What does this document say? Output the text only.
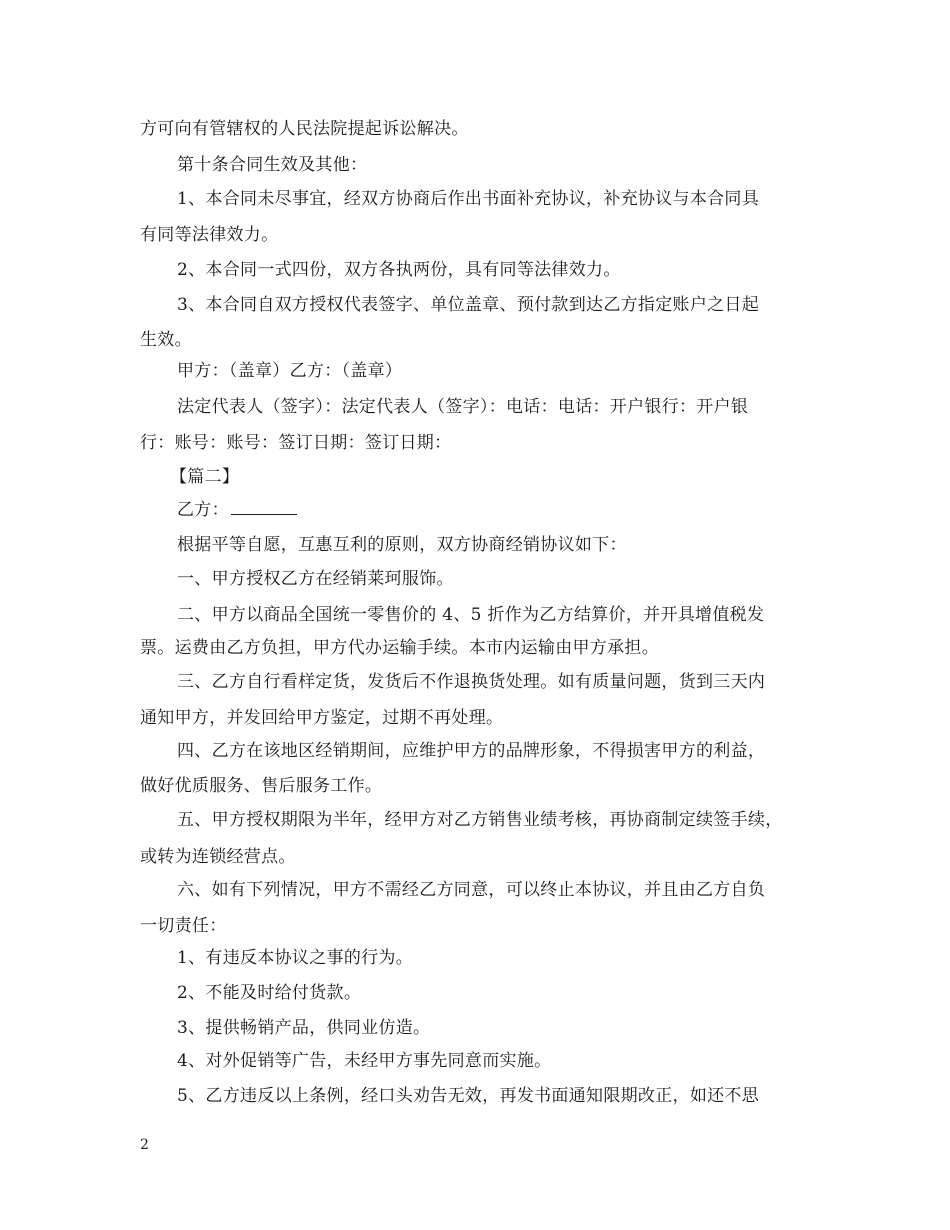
方可向有管辖权的人民法院提起诉讼解决。
第十条合同生效及其他：
1、本合同未尽事宜，经双方协商后作出书面补充协议，补充协议与本合同具
有同等法律效力。
2、本合同一式四份，双方各执两份，具有同等法律效力。
3、本合同自双方授权代表签字、单位盖章、预付款到达乙方指定账户之日起
生效。
甲方：（盖章）乙方：（盖章）
法定代表人（签字）：法定代表人（签字）：电话：电话：开户银行：开户银
行：账号：账号：签订日期：签订日期：
【篇二】
乙方：
根据平等自愿，互惠互利的原则，双方协商经销协议如下：
一、甲方授权乙方在经销莱珂服饰。
二、甲方以商品全国统一零售价的 4、5 折作为乙方结算价，并开具增值税发
票。运费由乙方负担，甲方代办运输手续。本市内运输由甲方承担。
三、乙方自行看样定货，发货后不作退换货处理。如有质量问题，货到三天内
通知甲方，并发回给甲方鉴定，过期不再处理。
四、乙方在该地区经销期间，应维护甲方的品牌形象，不得损害甲方的利益，
做好优质服务、售后服务工作。
五、甲方授权期限为半年，经甲方对乙方销售业绩考核，再协商制定续签手续，
或转为连锁经营点。
六、如有下列情况，甲方不需经乙方同意，可以终止本协议，并且由乙方自负
一切责任：
1、有违反本协议之事的行为。
2、不能及时给付货款。
3、提供畅销产品，供同业仿造。
4、对外促销等广告，未经甲方事先同意而实施。
5、乙方违反以上条例，经口头劝告无效，再发书面通知限期改正，如还不思
2
